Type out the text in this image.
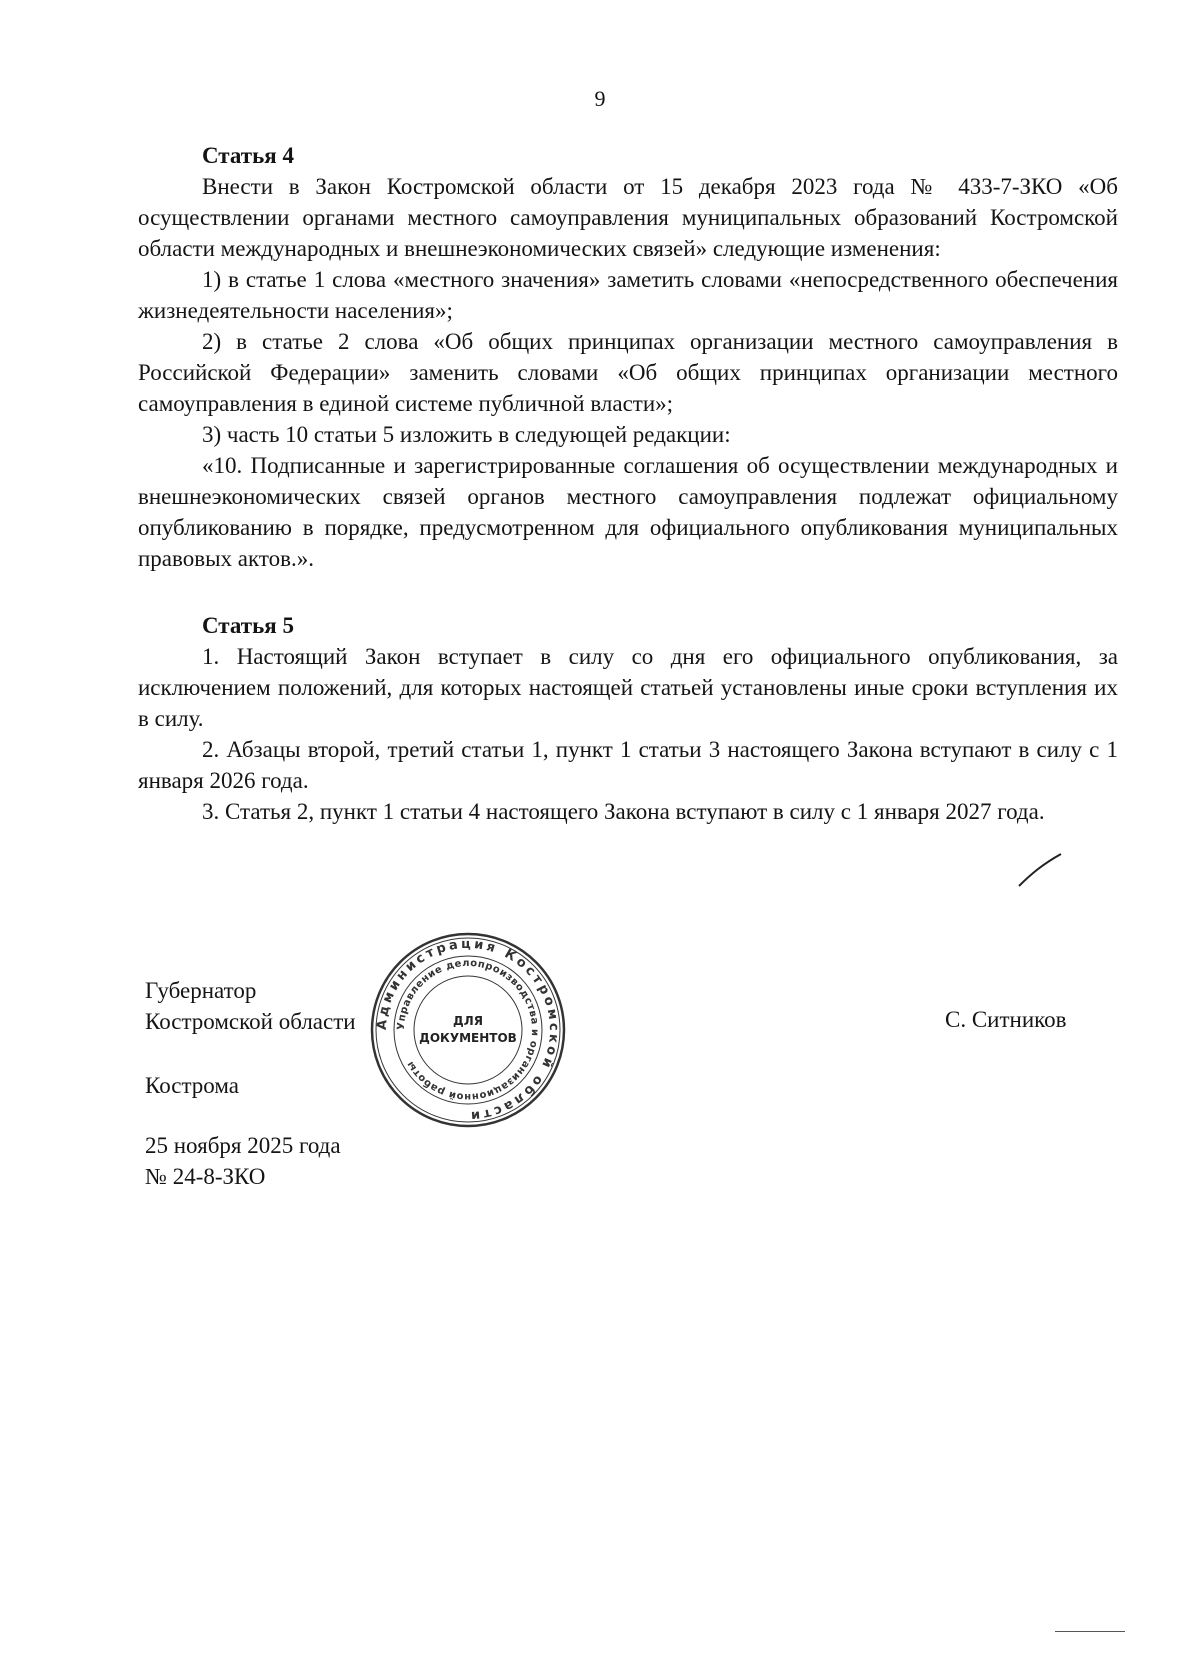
9
Статья 4

Внести в Закон Костромской области от 15 декабря 2023 года № 433-7-ЗКО «Об осуществлении органами местного самоуправления муниципальных образований Костромской области международных и внешнеэкономических связей» следующие изменения:

1) в статье 1 слова «местного значения» заметить словами «непосредственного обеспечения жизнедеятельности населения»;

2) в статье 2 слова «Об общих принципах организации местного самоуправления в Российской Федерации» заменить словами «Об общих принципах организации местного самоуправления в единой системе публичной власти»;

3) часть 10 статьи 5 изложить в следующей редакции:

«10. Подписанные и зарегистрированные соглашения об осуществлении международных и внешнеэкономических связей органов местного самоуправления подлежат официальному опубликованию в порядке, предусмотренном для официального опубликования муниципальных правовых актов.».

Статья 5

1. Настоящий Закон вступает в силу со дня его официального опубликования, за исключением положений, для которых настоящей статьей установлены иные сроки вступления их в силу.

2. Абзацы второй, третий статьи 1, пункт 1 статьи 3 настоящего Закона вступают в силу с 1 января 2026 года.

3. Статья 2, пункт 1 статьи 4 настоящего Закона вступают в силу с 1 января 2027 года.

Губернатор

Костромской области	С. Ситников
Администрация Костромской области
Управление делопроизводства и организационной работы
ДЛЯ
ДОКУМЕНТОВ
Кострома

25 ноября 2025 года

№ 24-8-ЗКО
